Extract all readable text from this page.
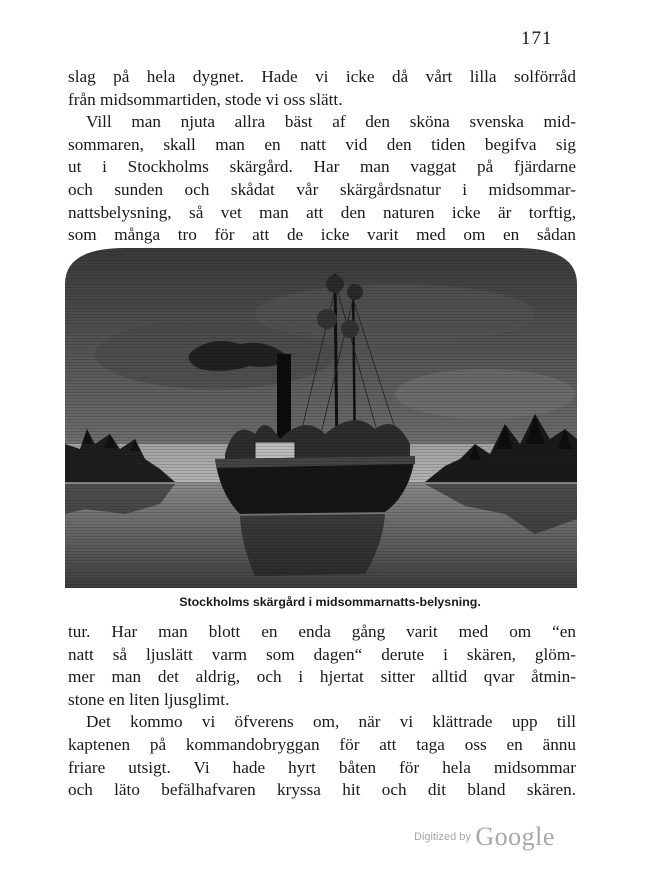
171
slag på hela dygnet. Hade vi icke då vårt lilla solförråd
från midsommartiden, stode vi oss slätt.
Vill man njuta allra bäst af den sköna svenska mid-
sommaren, skall man en natt vid den tiden begifva sig
ut i Stockholms skärgård. Har man vaggat på fjärdarne
och sunden och skådat vår skärgårdsnatur i midsommar-
nattsbelysning, så vet man att den naturen icke är torftig,
som många tro för att de icke varit med om en sådan
Stockholms skärgård i midsommarnatts-belysning.
tur. Har man blott en enda gång varit med om “en
natt så ljuslätt varm som dagen“ derute i skären, glöm-
mer man det aldrig, och i hjertat sitter alltid qvar åtmin-
stone en liten ljusglimt.
Det kommo vi öfverens om, när vi klättrade upp till
kaptenen på kommandobryggan för att taga oss en ännu
friare utsigt. Vi hade hyrt båten för hela midsommar
och läto befälhafvaren kryssa hit och dit bland skären.
Digitized by Google
